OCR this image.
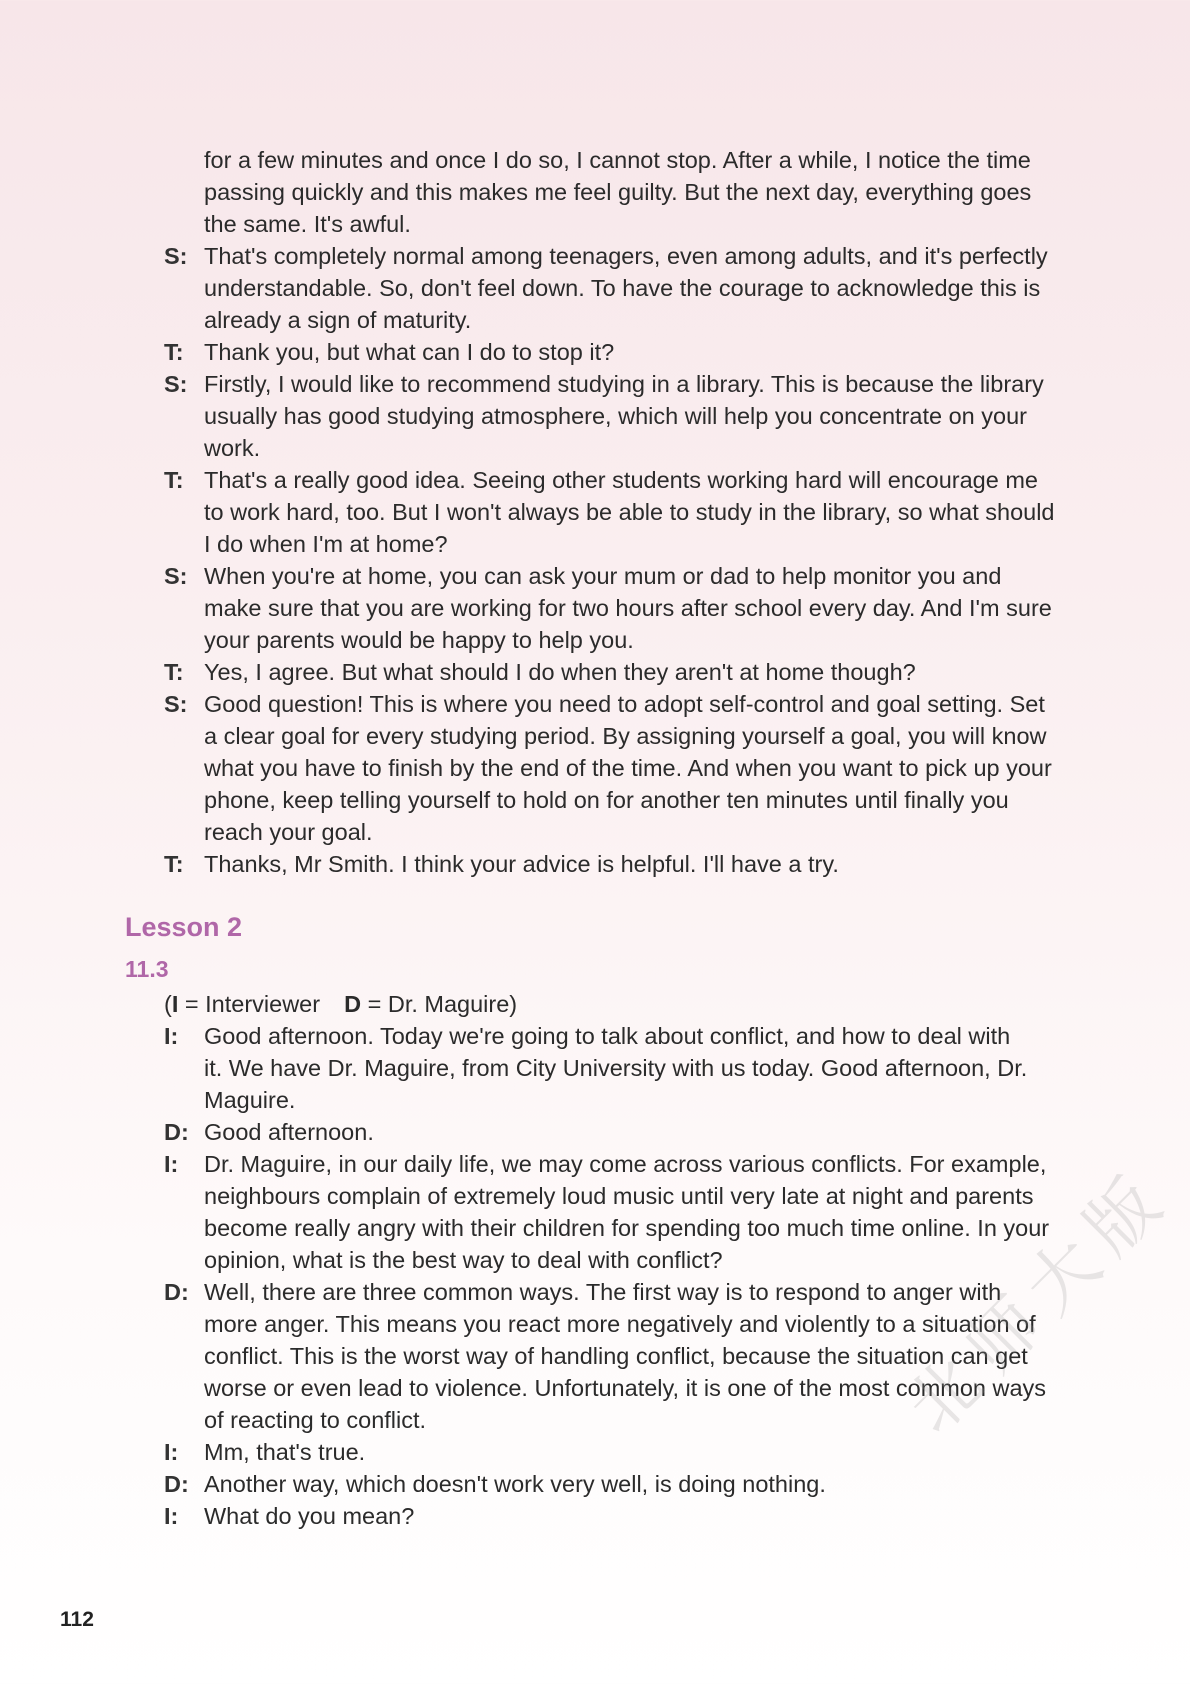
for a few minutes and once I do so, I cannot stop. After a while, I notice the time
passing quickly and this makes me feel guilty. But the next day, everything goes
the same. It's awful.
S: That's completely normal among teenagers, even among adults, and it's perfectly
understandable. So, don't feel down. To have the courage to acknowledge this is
already a sign of maturity.
T: Thank you, but what can I do to stop it?
S: Firstly, I would like to recommend studying in a library. This is because the library
usually has good studying atmosphere, which will help you concentrate on your
work.
T: That's a really good idea. Seeing other students working hard will encourage me
to work hard, too. But I won't always be able to study in the library, so what should
I do when I'm at home?
S: When you're at home, you can ask your mum or dad to help monitor you and
make sure that you are working for two hours after school every day. And I'm sure
your parents would be happy to help you.
T: Yes, I agree. But what should I do when they aren't at home though?
S: Good question! This is where you need to adopt self-control and goal setting. Set
a clear goal for every studying period. By assigning yourself a goal, you will know
what you have to finish by the end of the time. And when you want to pick up your
phone, keep telling yourself to hold on for another ten minutes until finally you
reach your goal.
T: Thanks, Mr Smith. I think your advice is helpful. I'll have a try.
Lesson 2
11.3
(I = Interviewer D = Dr. Maguire)
I: Good afternoon. Today we're going to talk about conflict, and how to deal with
it. We have Dr. Maguire, from City University with us today. Good afternoon, Dr.
Maguire.
D: Good afternoon.
I: Dr. Maguire, in our daily life, we may come across various conflicts. For example,
neighbours complain of extremely loud music until very late at night and parents
become really angry with their children for spending too much time online. In your
opinion, what is the best way to deal with conflict?
D: Well, there are three common ways. The first way is to respond to anger with
more anger. This means you react more negatively and violently to a situation of
conflict. This is the worst way of handling conflict, because the situation can get
worse or even lead to violence. Unfortunately, it is one of the most common ways
of reacting to conflict.
I: Mm, that's true.
D: Another way, which doesn't work very well, is doing nothing.
I: What do you mean?
112
北师大版
